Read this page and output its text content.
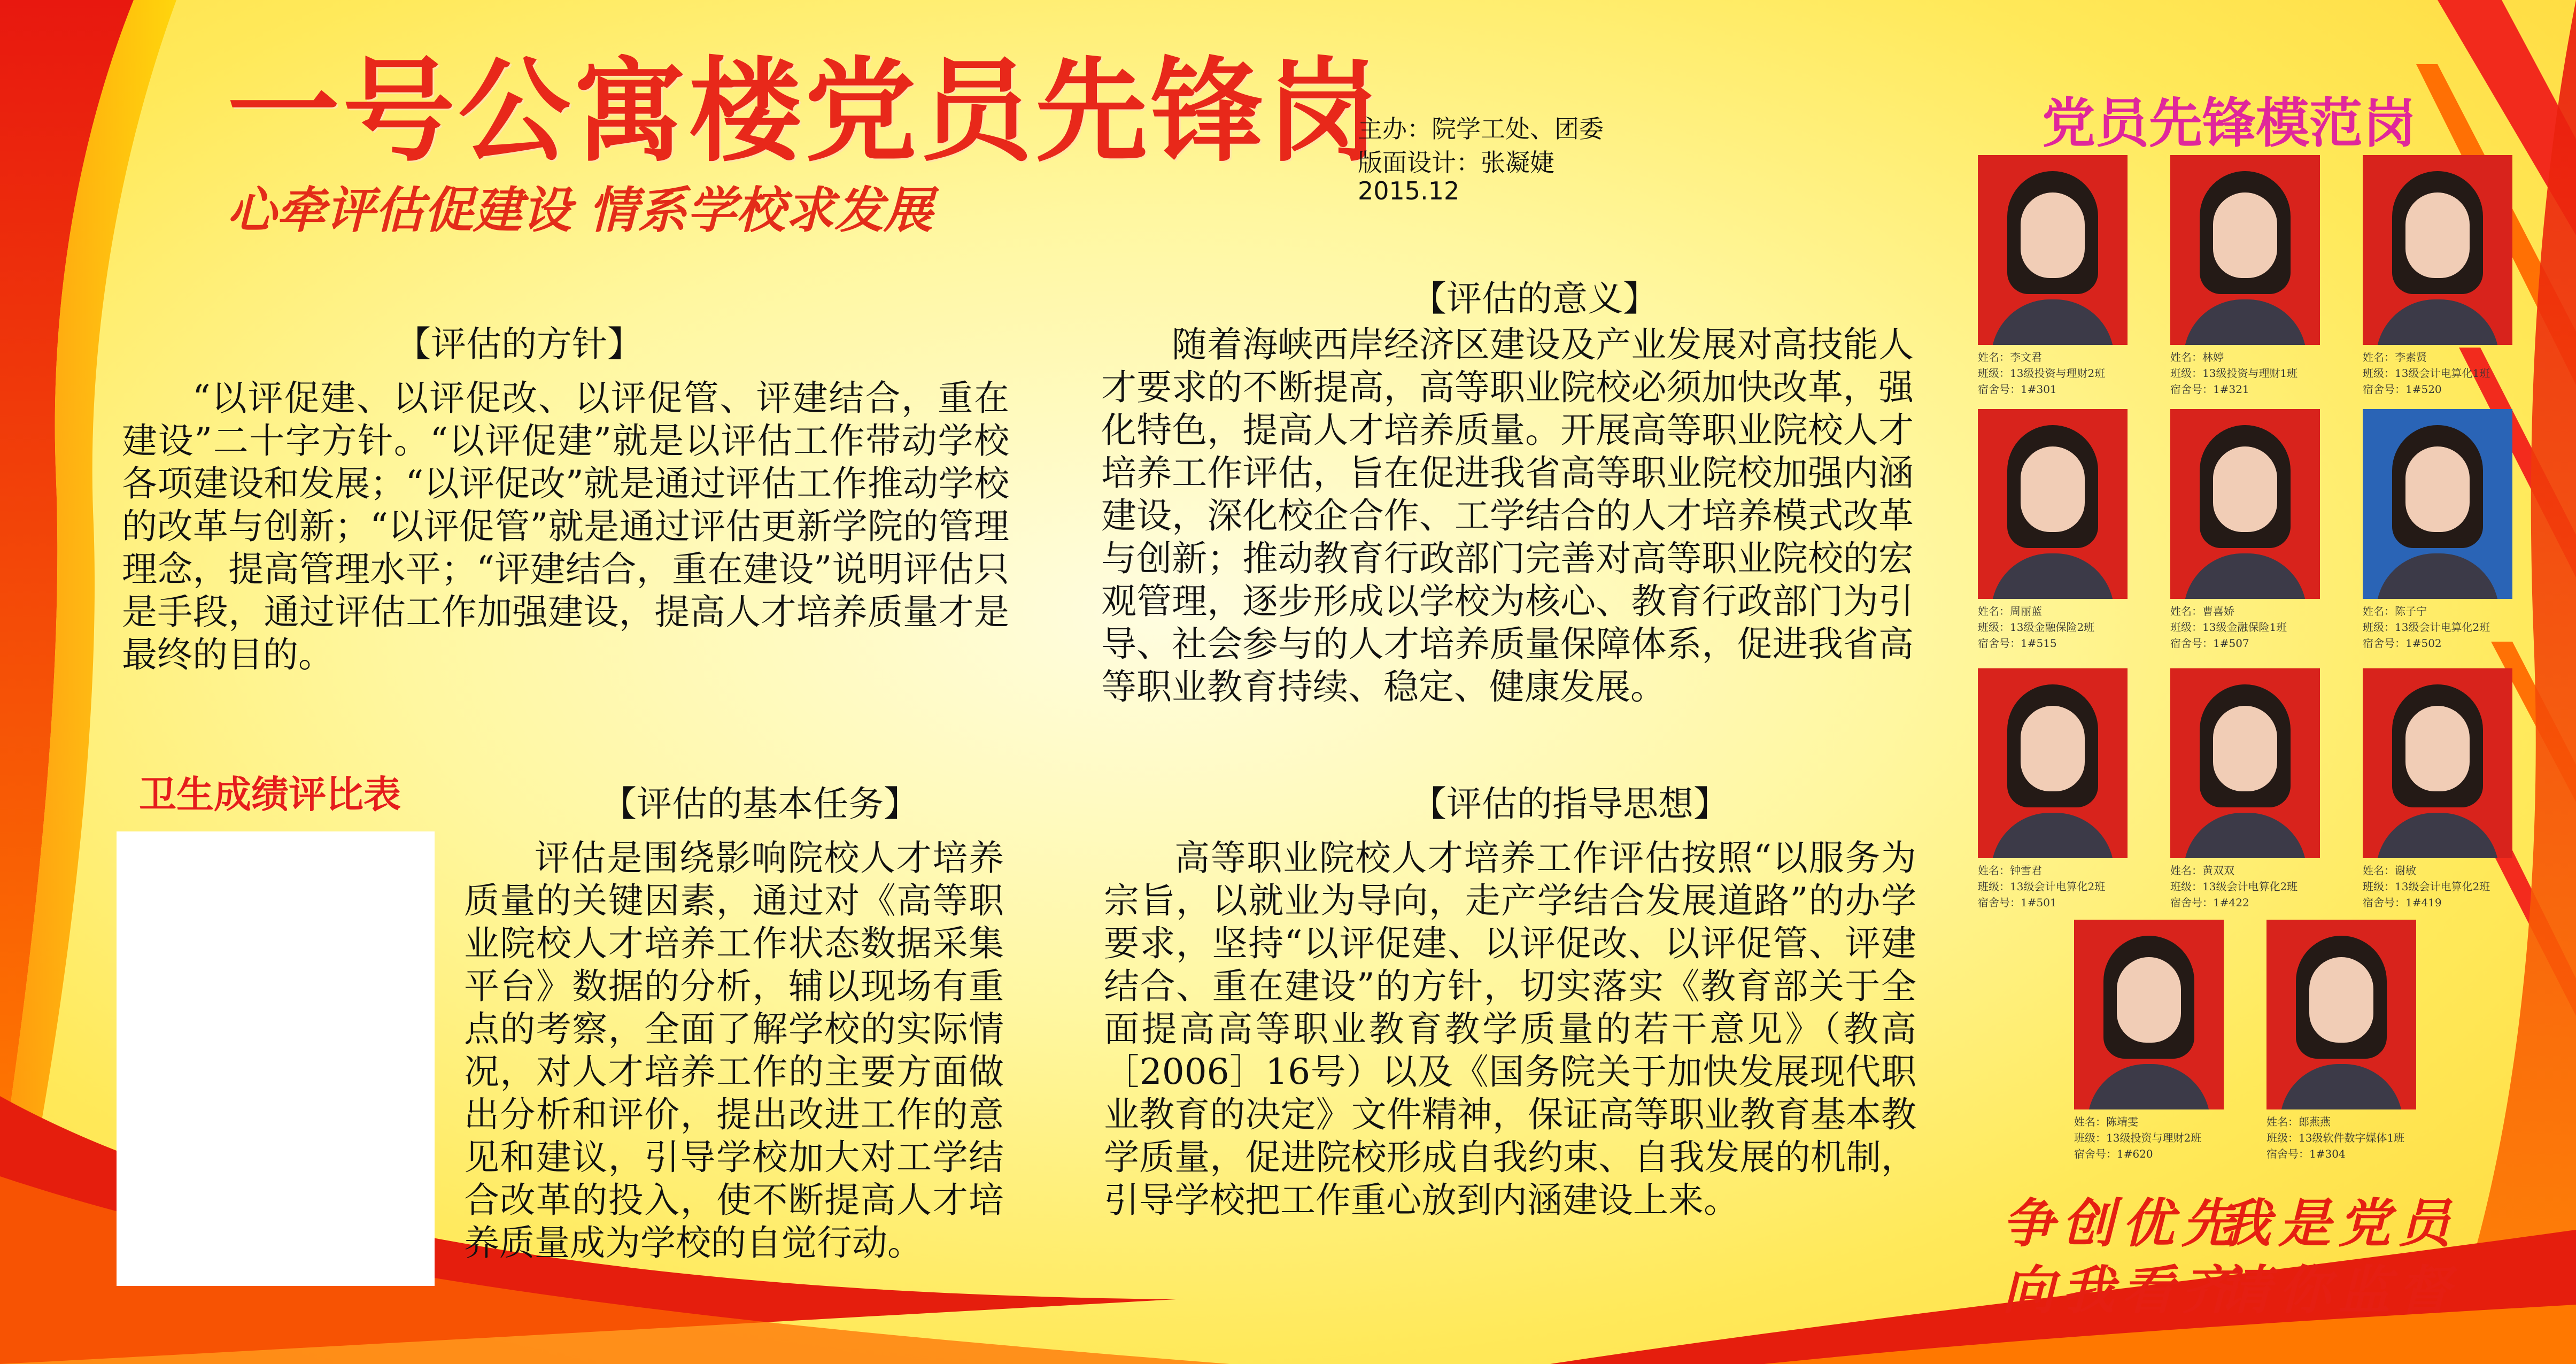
一号公寓楼党员先锋岗
心牵评估促建设 情系学校求发展
主办：院学工处、团委
版面设计：张凝婕
2015.12
【评估的方针】

“以评促建、以评促改、以评促管、评建结合，重在建设”二十字方针。“以评促建”就是以评估工作带动学校各项建设和发展；“以评促改”就是通过评估工作推动学校的改革与创新；“以评促管”就是通过评估更新学院的管理理念，提高管理水平；“评建结合，重在建设”说明评估只是手段，通过评估工作加强建设，提高人才培养质量才是最终的目的。

【评估的意义】

随着海峡西岸经济区建设及产业发展对高技能人才要求的不断提高，高等职业院校必须加快改革，强化特色，提高人才培养质量。开展高等职业院校人才培养工作评估，旨在促进我省高等职业院校加强内涵建设，深化校企合作、工学结合的人才培养模式改革与创新；推动教育行政部门完善对高等职业院校的宏观管理，逐步形成以学校为核心、教育行政部门为引导、社会参与的人才培养质量保障体系，促进我省高等职业教育持续、稳定、健康发展。

卫生成绩评比表	【评估的基本任务】

评估是围绕影响院校人才培养质量的关键因素，通过对《高等职业院校人才培养工作状态数据采集平台》数据的分析，辅以现场有重点的考察，全面了解学校的实际情况，对人才培养工作的主要方面做出分析和评价，提出改进工作的意见和建议，引导学校加大对工学结合改革的投入，使不断提高人才培养质量成为学校的自觉行动。

【评估的指导思想】

高等职业院校人才培养工作评估按照“以服务为宗旨，以就业为导向，走产学结合发展道路”的办学要求，坚持“以评促建、以评促改、以评促管、评建结合、重在建设”的方针，切实落实《教育部关于全面提高高等职业教育教学质量的若干意见》（教高［2006］16号）以及《国务院关于加快发展现代职业教育的决定》文件精神，保证高等职业教育基本教学质量，促进院校形成自我约束、自我发展的机制，引导学校把工作重心放到内涵建设上来。

党员先锋模范岗
姓名：李文君
班级：13级投资与理财2班
宿舍号：1#301
姓名：林婷
班级：13级投资与理财1班
宿舍号：1#321
姓名：李素贤
班级：13级会计电算化1班
宿舍号：1#520
姓名：周丽蓝
班级：13级金融保险2班
宿舍号：1#515
姓名：曹喜娇
班级：13级金融保险1班
宿舍号：1#507
姓名：陈子宁
班级：13级会计电算化2班
宿舍号：1#502
姓名：钟雪君
班级：13级会计电算化2班
宿舍号：1#501
姓名：黄双双
班级：13级会计电算化2班
宿舍号：1#422
姓名：谢敏
班级：13级会计电算化2班
宿舍号：1#419
姓名：陈靖雯
班级：13级投资与理财2班
宿舍号：1#620
姓名：郎燕燕
班级：13级软件数字媒体1班
宿舍号：1#304
争创优先
我是党员
向我看齐
请你监督
